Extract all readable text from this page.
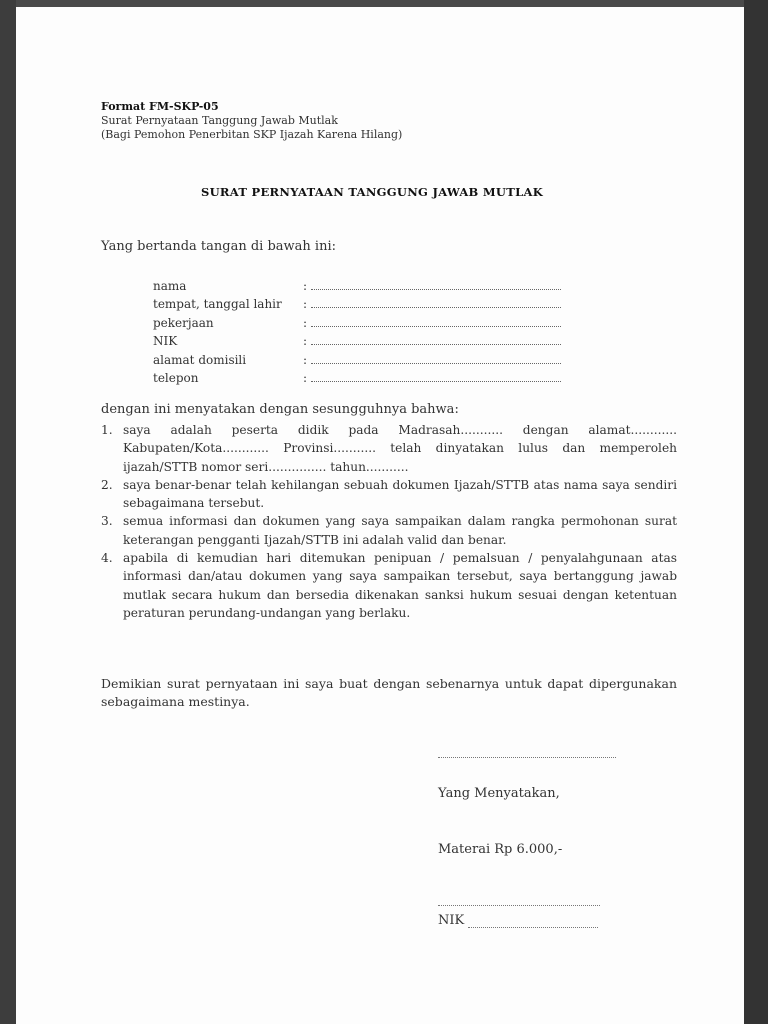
Format FM-SKP-05
Surat Pernyataan Tanggung Jawab Mutlak
(Bagi Pemohon Penerbitan SKP Ijazah Karena Hilang)
SURAT PERNYATAAN TANGGUNG JAWAB MUTLAK
Yang bertanda tangan di bawah ini:
nama	:
tempat, tanggal lahir	:
pekerjaan	:
NIK	:
alamat domisili	:
telepon	:
dengan ini menyatakan dengan sesungguhnya bahwa:
1. saya adalah peserta didik pada Madrasah........... dengan alamat............ Kabupaten/Kota............ Provinsi........... telah dinyatakan lulus dan memperoleh ijazah/STTB nomor seri............... tahun...........
2. saya benar-benar telah kehilangan sebuah dokumen Ijazah/STTB atas nama saya sendiri sebagaimana tersebut.
3. semua informasi dan dokumen yang saya sampaikan dalam rangka permohonan surat keterangan pengganti Ijazah/STTB ini adalah valid dan benar.
4. apabila di kemudian hari ditemukan penipuan / pemalsuan / penyalahgunaan atas informasi dan/atau dokumen yang saya sampaikan tersebut, saya bertanggung jawab mutlak secara hukum dan bersedia dikenakan sanksi hukum sesuai dengan ketentuan peraturan perundang-undangan yang berlaku.
Demikian surat pernyataan ini saya buat dengan sebenarnya untuk dapat dipergunakan sebagaimana mestinya.
Yang Menyatakan,
Materai Rp 6.000,-
NIK
